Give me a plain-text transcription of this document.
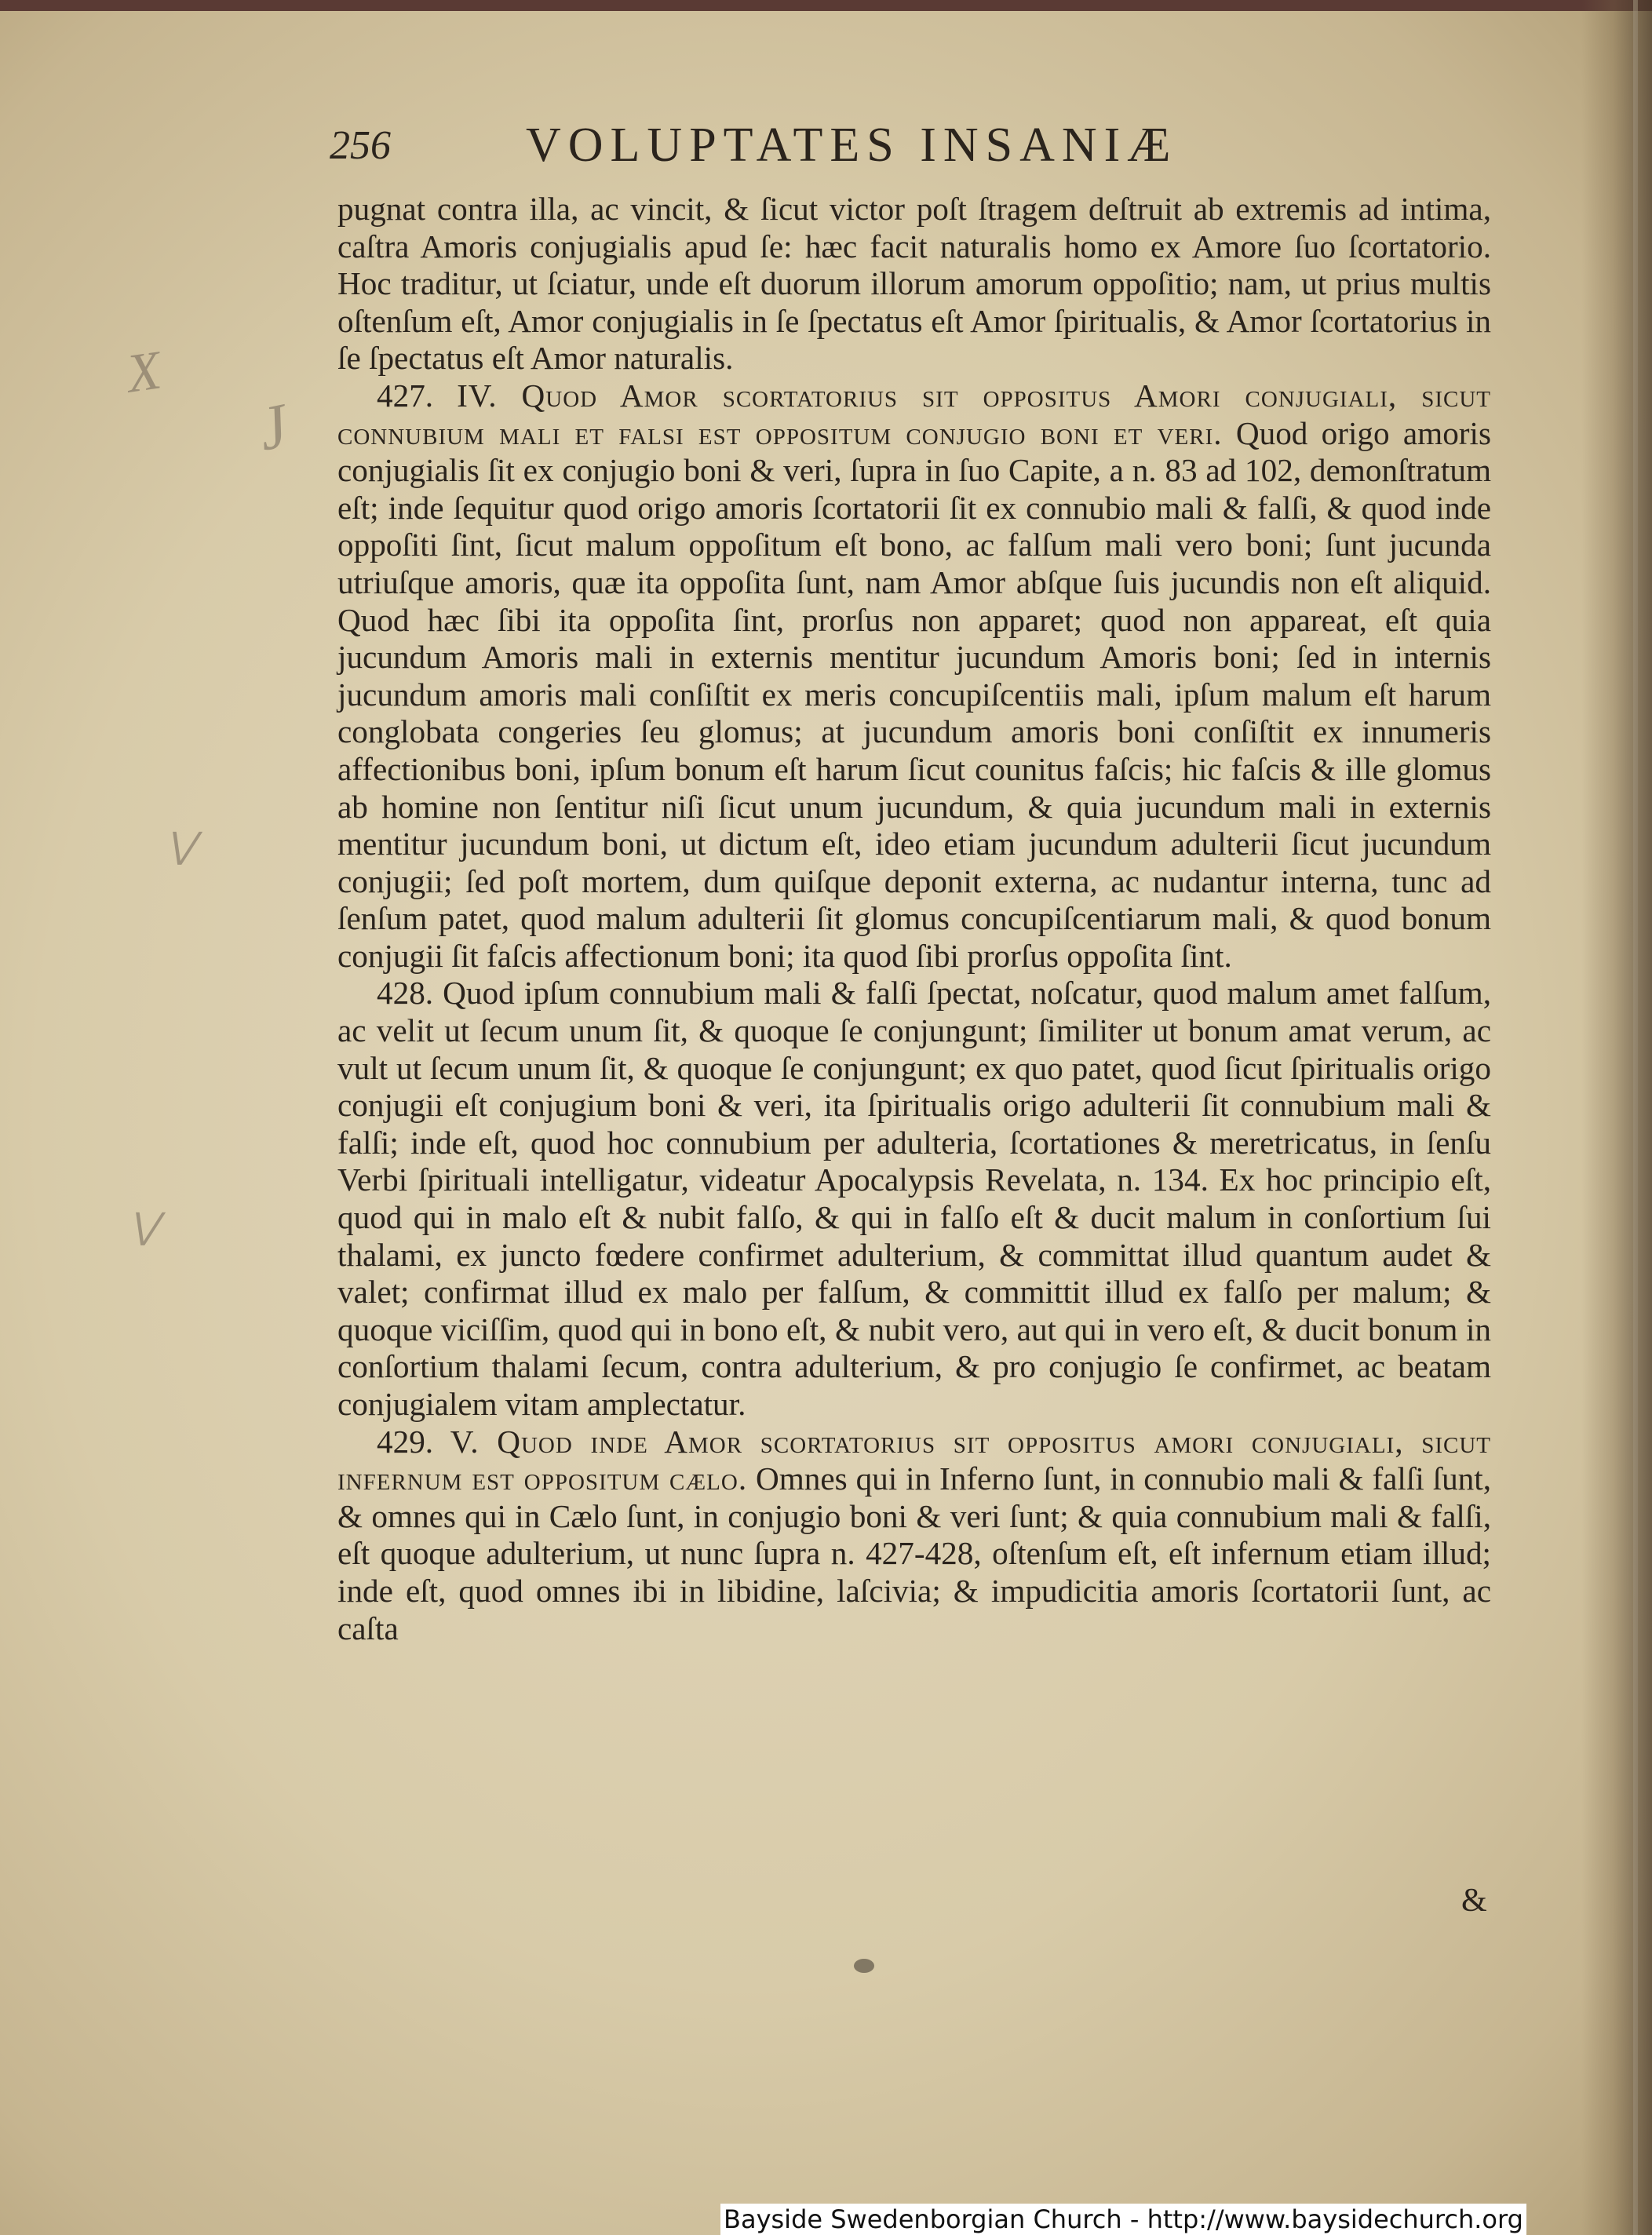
X
J
⋁
⋁
256	VOLUPTATES INSANIÆ

pugnat contra illa, ac vincit, & ſicut victor poſt ſtragem deſtruit ab extremis ad intima, caſtra Amoris conjugialis apud ſe: hæc facit naturalis homo ex Amore ſuo ſcortatorio. Hoc traditur, ut ſciatur, unde eſt duorum illorum amorum oppoſitio; nam, ut prius multis oſtenſum eſt, Amor conjugialis in ſe ſpectatus eſt Amor ſpiritualis, & Amor ſcortatorius in ſe ſpectatus eſt Amor naturalis.

427. IV. Quod Amor scortatorius sit oppositus Amori conjugiali, sicut connubium mali et falsi est oppositum conjugio boni et veri. Quod origo amoris conjugialis ſit ex conjugio boni & veri, ſupra in ſuo Capite, a n. 83 ad 102, demonſtratum eſt; inde ſequitur quod origo amoris ſcortatorii ſit ex connubio mali & falſi, & quod inde oppoſiti ſint, ſicut malum oppoſitum eſt bono, ac falſum mali vero boni; ſunt jucunda utriuſque amoris, quæ ita oppoſita ſunt, nam Amor abſque ſuis jucundis non eſt aliquid. Quod hæc ſibi ita oppoſita ſint, prorſus non apparet; quod non appareat, eſt quia jucundum Amoris mali in externis mentitur jucundum Amoris boni; ſed in internis jucundum amoris mali conſiſtit ex meris concupiſcentiis mali, ipſum malum eſt harum conglobata congeries ſeu glomus; at jucundum amoris boni conſiſtit ex innumeris affectionibus boni, ipſum bonum eſt harum ſicut counitus faſcis; hic faſcis & ille glomus ab homine non ſentitur niſi ſicut unum jucundum, & quia jucundum mali in externis mentitur jucundum boni, ut dictum eſt, ideo etiam jucundum adulterii ſicut jucundum conjugii; ſed poſt mortem, dum quiſque deponit externa, ac nudantur interna, tunc ad ſenſum patet, quod malum adulterii ſit glomus concupiſcentiarum mali, & quod bonum conjugii ſit faſcis affectionum boni; ita quod ſibi prorſus oppoſita ſint.

428. Quod ipſum connubium mali & falſi ſpectat, noſcatur, quod malum amet falſum, ac velit ut ſecum unum ſit, & quoque ſe conjungunt; ſimiliter ut bonum amat verum, ac vult ut ſecum unum ſit, & quoque ſe conjungunt; ex quo patet, quod ſicut ſpiritualis origo conjugii eſt conjugium boni & veri, ita ſpiritualis origo adulterii ſit connubium mali & falſi; inde eſt, quod hoc connubium per adulteria, ſcortationes & meretricatus, in ſenſu Verbi ſpirituali intelligatur, videatur Apocalypsis Revelata, n. 134. Ex hoc principio eſt, quod qui in malo eſt & nubit falſo, & qui in falſo eſt & ducit malum in conſortium ſui thalami, ex juncto fœdere confirmet adulterium, & committat illud quantum audet & valet; confirmat illud ex malo per falſum, & committit illud ex falſo per malum; & quoque viciſſim, quod qui in bono eſt, & nubit vero, aut qui in vero eſt, & ducit bonum in conſortium thalami ſecum, contra adulterium, & pro conjugio ſe confirmet, ac beatam conjugialem vitam amplectatur.

429. V. Quod inde Amor scortatorius sit oppositus amori conjugiali, sicut infernum est oppositum cælo. Omnes qui in Inferno ſunt, in connubio mali & falſi ſunt, & omnes qui in Cælo ſunt, in conjugio boni & veri ſunt; & quia connubium mali & falſi, eſt quoque adulterium, ut nunc ſupra n. 427-428, oſtenſum eſt, eſt infernum etiam illud; inde eſt, quod omnes ibi in libidine, laſcivia; & impudicitia amoris ſcortatorii ſunt, ac caſta

&
Bayside Swedenborgian Church - http://www.baysidechurch.org
